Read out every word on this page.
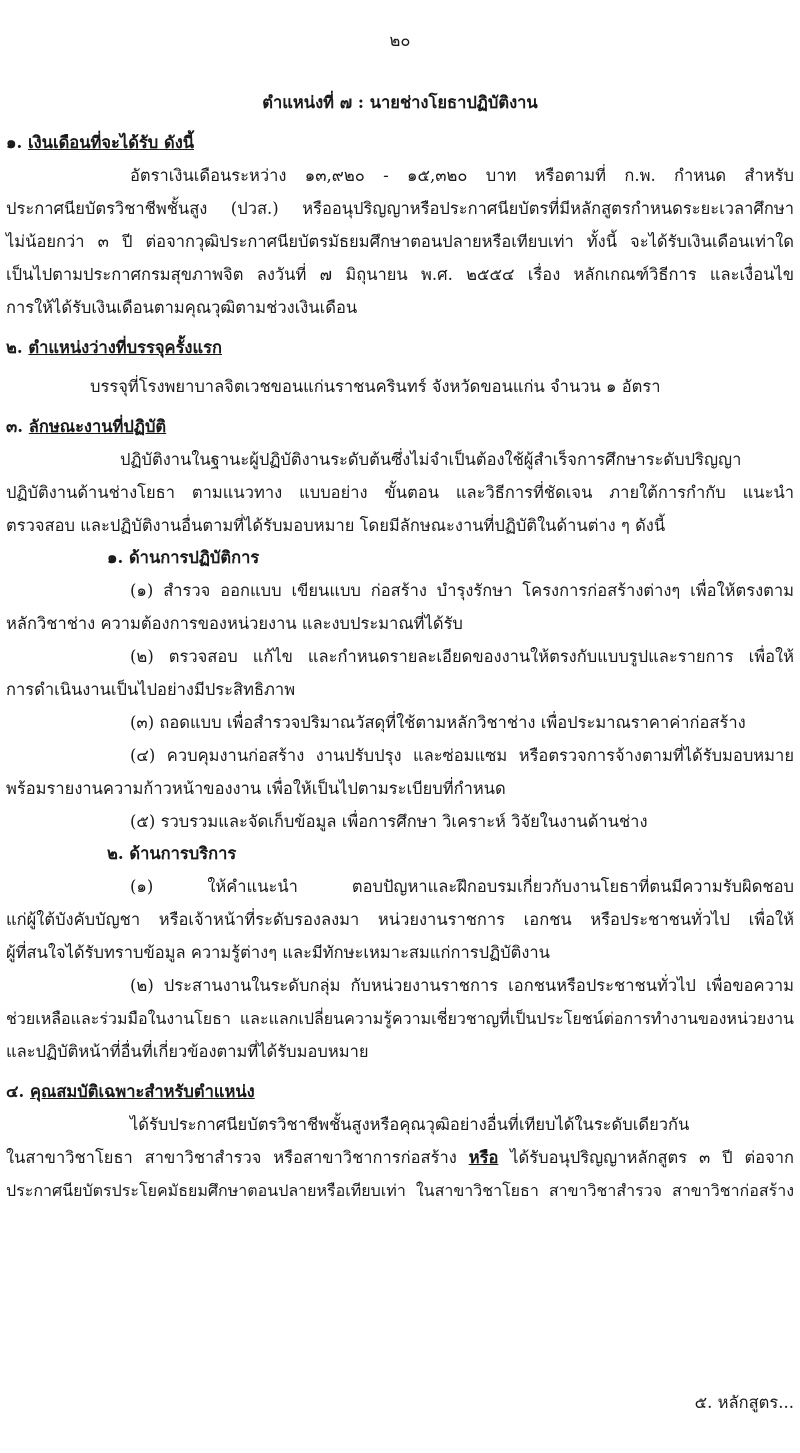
๒๐
ตำแหน่งที่ ๗ : นายช่างโยธาปฏิบัติงาน
๑. เงินเดือนที่จะได้รับ ดังนี้
อัตราเงินเดือนระหว่าง ๑๓,๙๒๐ - ๑๕,๓๒๐ บาท หรือตามที่ ก.พ. กำหนด สำหรับ
ประกาศนียบัตรวิชาชีพชั้นสูง (ปวส.) หรืออนุปริญญาหรือประกาศนียบัตรที่มีหลักสูตรกำหนดระยะเวลาศึกษา
ไม่น้อยกว่า ๓ ปี ต่อจากวุฒิประกาศนียบัตรมัธยมศึกษาตอนปลายหรือเทียบเท่า ทั้งนี้ จะได้รับเงินเดือนเท่าใด
เป็นไปตามประกาศกรมสุขภาพจิต ลงวันที่ ๗ มิถุนายน พ.ศ. ๒๕๕๔ เรื่อง หลักเกณฑ์วิธีการ และเงื่อนไข
การให้ได้รับเงินเดือนตามคุณวุฒิตามช่วงเงินเดือน
๒. ตำแหน่งว่างที่บรรจุครั้งแรก
บรรจุที่โรงพยาบาลจิตเวชขอนแก่นราชนครินทร์ จังหวัดขอนแก่น จำนวน ๑ อัตรา
๓. ลักษณะงานที่ปฏิบัติ
ปฏิบัติงานในฐานะผู้ปฏิบัติงานระดับต้นซึ่งไม่จำเป็นต้องใช้ผู้สำเร็จการศึกษาระดับปริญญา
ปฏิบัติงานด้านช่างโยธา ตามแนวทาง แบบอย่าง ขั้นตอน และวิธีการที่ชัดเจน ภายใต้การกำกับ แนะนำ
ตรวจสอบ และปฏิบัติงานอื่นตามที่ได้รับมอบหมาย โดยมีลักษณะงานที่ปฏิบัติในด้านต่าง ๆ ดังนี้
๑. ด้านการปฏิบัติการ
(๑) สำรวจ ออกแบบ เขียนแบบ ก่อสร้าง บำรุงรักษา โครงการก่อสร้างต่างๆ เพื่อให้ตรงตาม
หลักวิชาช่าง ความต้องการของหน่วยงาน และงบประมาณที่ได้รับ
(๒) ตรวจสอบ แก้ไข และกำหนดรายละเอียดของงานให้ตรงกับแบบรูปและรายการ เพื่อให้
การดำเนินงานเป็นไปอย่างมีประสิทธิภาพ
(๓) ถอดแบบ เพื่อสำรวจปริมาณวัสดุที่ใช้ตามหลักวิชาช่าง เพื่อประมาณราคาค่าก่อสร้าง
(๔) ควบคุมงานก่อสร้าง งานปรับปรุง และซ่อมแซม หรือตรวจการจ้างตามที่ได้รับมอบหมาย
พร้อมรายงานความก้าวหน้าของงาน เพื่อให้เป็นไปตามระเบียบที่กำหนด
(๕) รวบรวมและจัดเก็บข้อมูล เพื่อการศึกษา วิเคราะห์ วิจัยในงานด้านช่าง
๒. ด้านการบริการ
(๑) ให้คำแนะนำ ตอบปัญหาและฝึกอบรมเกี่ยวกับงานโยธาที่ตนมีความรับผิดชอบ
แก่ผู้ใต้บังคับบัญชา หรือเจ้าหน้าที่ระดับรองลงมา หน่วยงานราชการ เอกชน หรือประชาชนทั่วไป เพื่อให้
ผู้ที่สนใจได้รับทราบข้อมูล ความรู้ต่างๆ และมีทักษะเหมาะสมแก่การปฏิบัติงาน
(๒) ประสานงานในระดับกลุ่ม กับหน่วยงานราชการ เอกชนหรือประชาชนทั่วไป เพื่อขอความ
ช่วยเหลือและร่วมมือในงานโยธา และแลกเปลี่ยนความรู้ความเชี่ยวชาญที่เป็นประโยชน์ต่อการทำงานของหน่วยงาน
และปฏิบัติหน้าที่อื่นที่เกี่ยวข้องตามที่ได้รับมอบหมาย
๔. คุณสมบัติเฉพาะสำหรับตำแหน่ง
ได้รับประกาศนียบัตรวิชาชีพชั้นสูงหรือคุณวุฒิอย่างอื่นที่เทียบได้ในระดับเดียวกัน
ในสาขาวิชาโยธา สาขาวิชาสำรวจ หรือสาขาวิชาการก่อสร้าง หรือ ได้รับอนุปริญญาหลักสูตร ๓ ปี ต่อจาก
ประกาศนียบัตรประโยคมัธยมศึกษาตอนปลายหรือเทียบเท่า ในสาขาวิชาโยธา สาขาวิชาสำรวจ สาขาวิชาก่อสร้าง
๕. หลักสูตร...
